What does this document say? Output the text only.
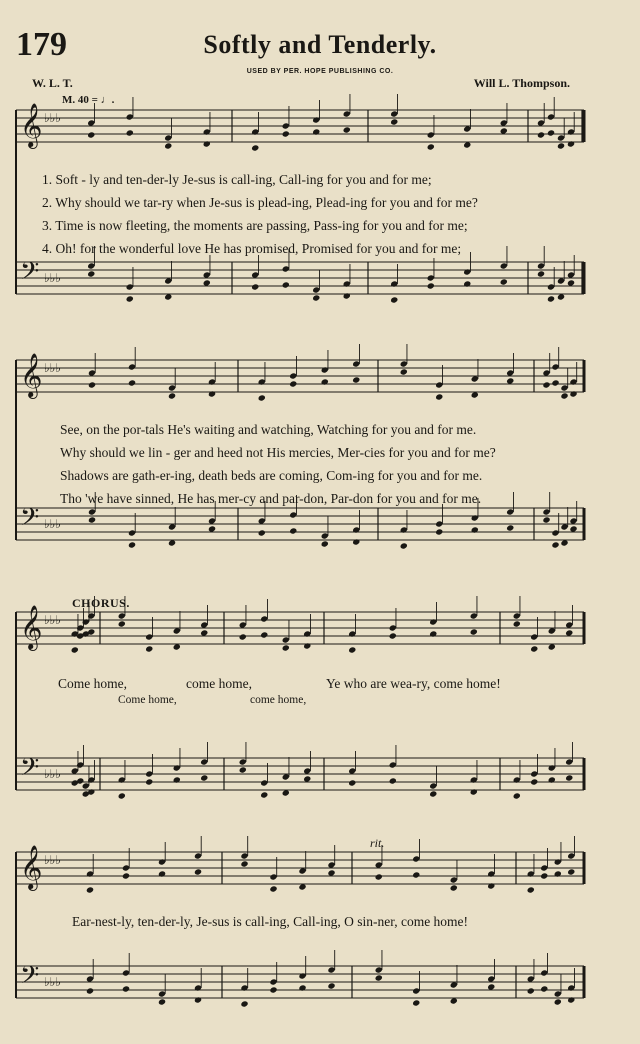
179	Softly and Tenderly.
USED BY PER. HOPE PUBLISHING CO.
W. L. T.
M. 40 = ♩.
Will L. Thompson.
𝄞
𝄢
♭♭♭
♭♭♭
𝄞
𝄢
♭♭♭
♭♭♭
𝄞
𝄢
♭♭♭
♭♭♭
𝄞
𝄢
♭♭♭
♭♭♭
1. Soft - ly and ten-der-ly Je-sus is call-ing, Call-ing for you and for me;
2. Why should we tar-ry when Je-sus is plead-ing, Plead-ing for you and for me?
3. Time is now fleeting, the moments are passing, Pass-ing for you and for me;
4. Oh! for the wonderful love He has promised, Promised for you and for me;
See, on the por-tals He's waiting and watching, Watching for you and for me.
Why should we lin - ger and heed not His mercies, Mer-cies for you and for me?
Shadows are gath-er-ing, death beds are coming, Com-ing for you and for me.
Tho 'we have sinned, He has mer-cy and par-don, Par-don for you and for me.
CHORUS.
Come home,	come home,	Ye who are wea-ry, come home!
Come home,	come home,
rit.
Ear-nest-ly, ten-der-ly, Je-sus is call-ing, Call-ing, O sin-ner, come home!
